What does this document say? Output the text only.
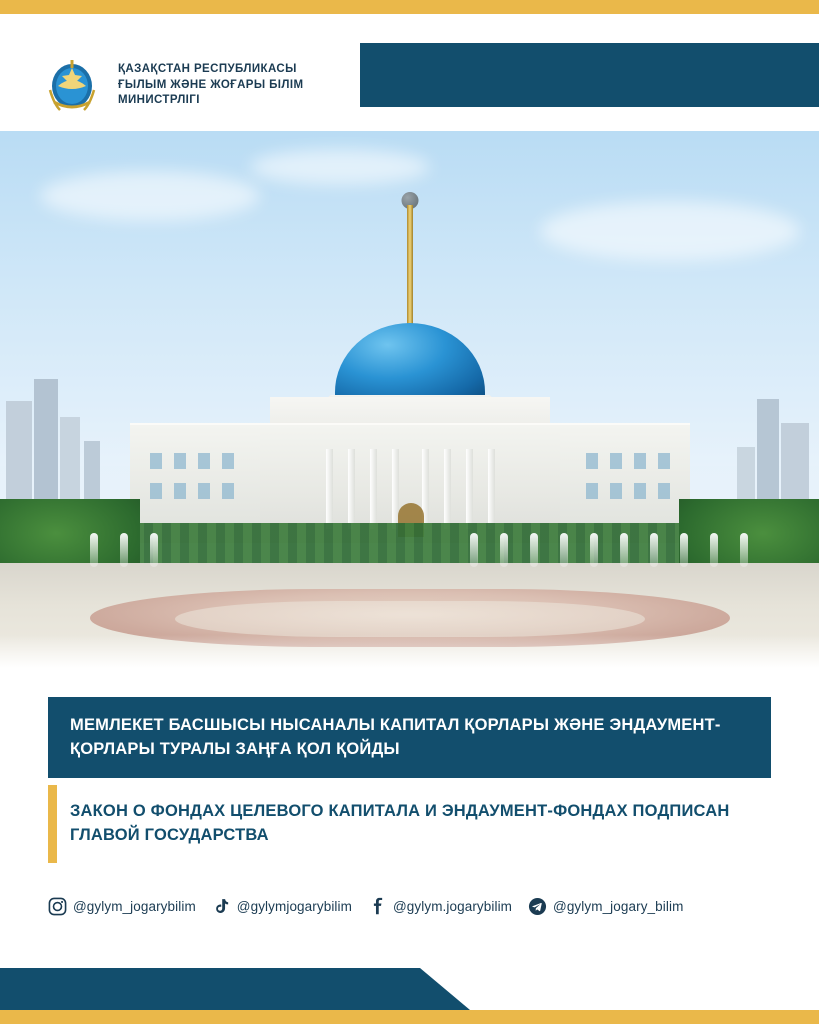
ҚАЗАҚСТАН РЕСПУБЛИКАСЫ ҒЫЛЫМ ЖӘНЕ ЖОҒАРЫ БІЛІМ МИНИСТРЛІГІ
МЕМЛЕКЕТ БАСШЫСЫ НЫСАНАЛЫ КАПИТАЛ ҚОРЛАРЫ ЖӘНЕ ЭНДАУМЕНТ-ҚОРЛАРЫ ТУРАЛЫ ЗАҢҒА ҚОЛ ҚОЙДЫ
ЗАКОН О ФОНДАХ ЦЕЛЕВОГО КАПИТАЛА И ЭНДАУМЕНТ-ФОНДАХ ПОДПИСАН ГЛАВОЙ ГОСУДАРСТВА
@gylym_jogarybilim	@gylymjogarybilim	@gylym.jogarybilim	@gylym_jogary_bilim
